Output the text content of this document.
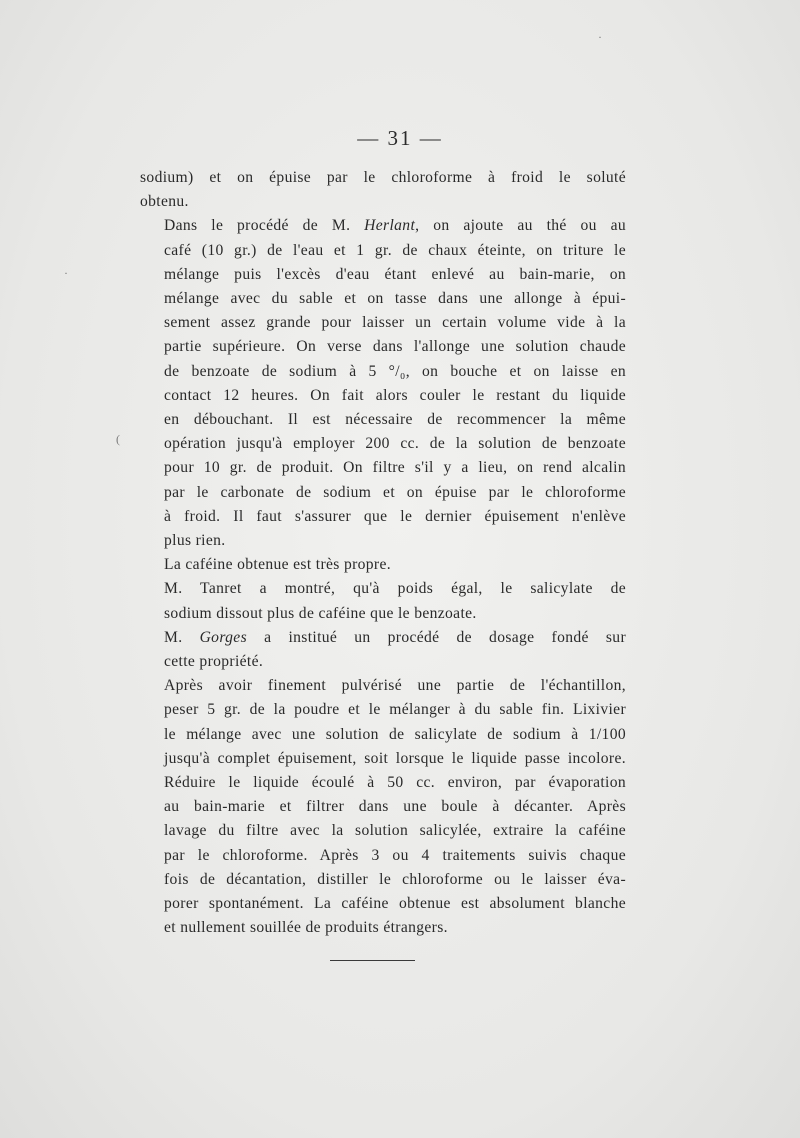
— 31 —

sodium) et on épuise par le chloroforme à froid le soluté
obtenu.

Dans le procédé de M. Herlant, on ajoute au thé ou au
café (10 gr.) de l'eau et 1 gr. de chaux éteinte, on triture le
mélange puis l'excès d'eau étant enlevé au bain-marie, on
mélange avec du sable et on tasse dans une allonge à épui-
sement assez grande pour laisser un certain volume vide à la
partie supérieure. On verse dans l'allonge une solution chaude
de benzoate de sodium à 5 °/₀, on bouche et on laisse en
contact 12 heures. On fait alors couler le restant du liquide
en débouchant. Il est nécessaire de recommencer la même
opération jusqu'à employer 200 cc. de la solution de benzoate
pour 10 gr. de produit. On filtre s'il y a lieu, on rend alcalin
par le carbonate de sodium et on épuise par le chloroforme
à froid. Il faut s'assurer que le dernier épuisement n'enlève
plus rien.

La caféine obtenue est très propre.

M. Tanret a montré, qu'à poids égal, le salicylate de
sodium dissout plus de caféine que le benzoate.

M. Gorges a institué un procédé de dosage fondé sur
cette propriété.

Après avoir finement pulvérisé une partie de l'échantillon,
peser 5 gr. de la poudre et le mélanger à du sable fin. Lixivier
le mélange avec une solution de salicylate de sodium à 1/100
jusqu'à complet épuisement, soit lorsque le liquide passe incolore.
Réduire le liquide écoulé à 50 cc. environ, par évaporation
au bain-marie et filtrer dans une boule à décanter. Après
lavage du filtre avec la solution salicylée, extraire la caféine
par le chloroforme. Après 3 ou 4 traitements suivis chaque
fois de décantation, distiller le chloroforme ou le laisser éva-
porer spontanément. La caféine obtenue est absolument blanche
et nullement souillée de produits étrangers.

·
·
(
